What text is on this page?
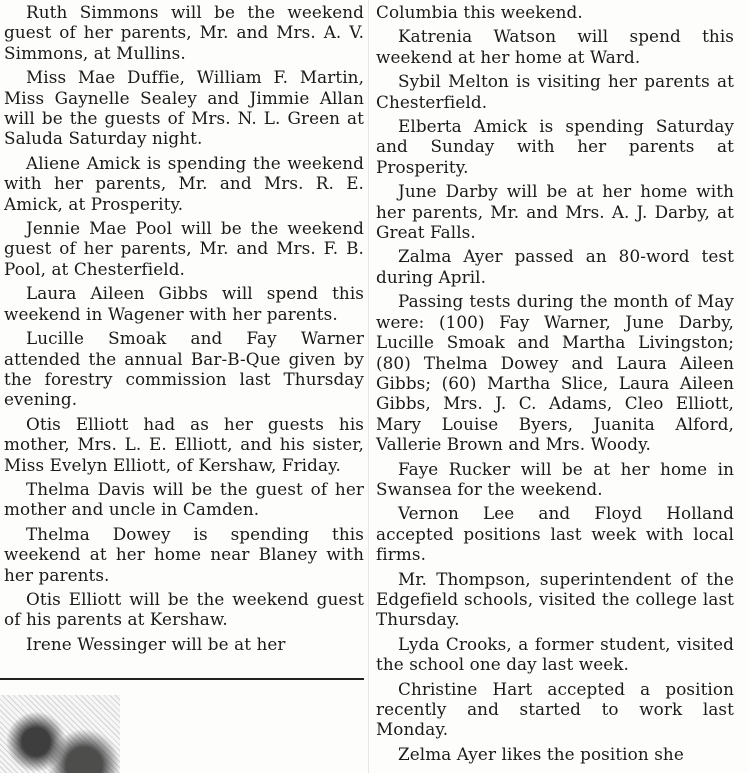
Ruth Simmons will be the weekend guest of her parents, Mr. and Mrs. A. V. Simmons, at Mullins.

Miss Mae Duffie, William F. Martin, Miss Gaynelle Sealey and Jimmie Allan will be the guests of Mrs. N. L. Green at Saluda Saturday night.

Aliene Amick is spending the weekend with her parents, Mr. and Mrs. R. E. Amick, at Prosperity.

Jennie Mae Pool will be the weekend guest of her parents, Mr. and Mrs. F. B. Pool, at Chesterfield.

Laura Aileen Gibbs will spend this weekend in Wagener with her parents.

Lucille Smoak and Fay Warner attended the annual Bar-B-Que given by the forestry commission last Thursday evening.

Otis Elliott had as her guests his mother, Mrs. L. E. Elliott, and his sister, Miss Evelyn Elliott, of Kershaw, Friday.

Thelma Davis will be the guest of her mother and uncle in Camden.

Thelma Dowey is spending this weekend at her home near Blaney with her parents.

Otis Elliott will be the weekend guest of his parents at Kershaw.

Irene Wessinger will be at her

Columbia this weekend.

Katrenia Watson will spend this weekend at her home at Ward.

Sybil Melton is visiting her parents at Chesterfield.

Elberta Amick is spending Saturday and Sunday with her parents at Prosperity.

June Darby will be at her home with her parents, Mr. and Mrs. A. J. Darby, at Great Falls.

Zalma Ayer passed an 80-word test during April.

Passing tests during the month of May were: (100) Fay Warner, June Darby, Lucille Smoak and Martha Livingston; (80) Thelma Dowey and Laura Aileen Gibbs; (60) Martha Slice, Laura Aileen Gibbs, Mrs. J. C. Adams, Cleo Elliott, Mary Louise Byers, Juanita Alford, Vallerie Brown and Mrs. Woody.

Faye Rucker will be at her home in Swansea for the weekend.

Vernon Lee and Floyd Holland accepted positions last week with local firms.

Mr. Thompson, superintendent of the Edgefield schools, visited the college last Thursday.

Lyda Crooks, a former student, visited the school one day last week.

Christine Hart accepted a position recently and started to work last Monday.

Zelma Ayer likes the position she
